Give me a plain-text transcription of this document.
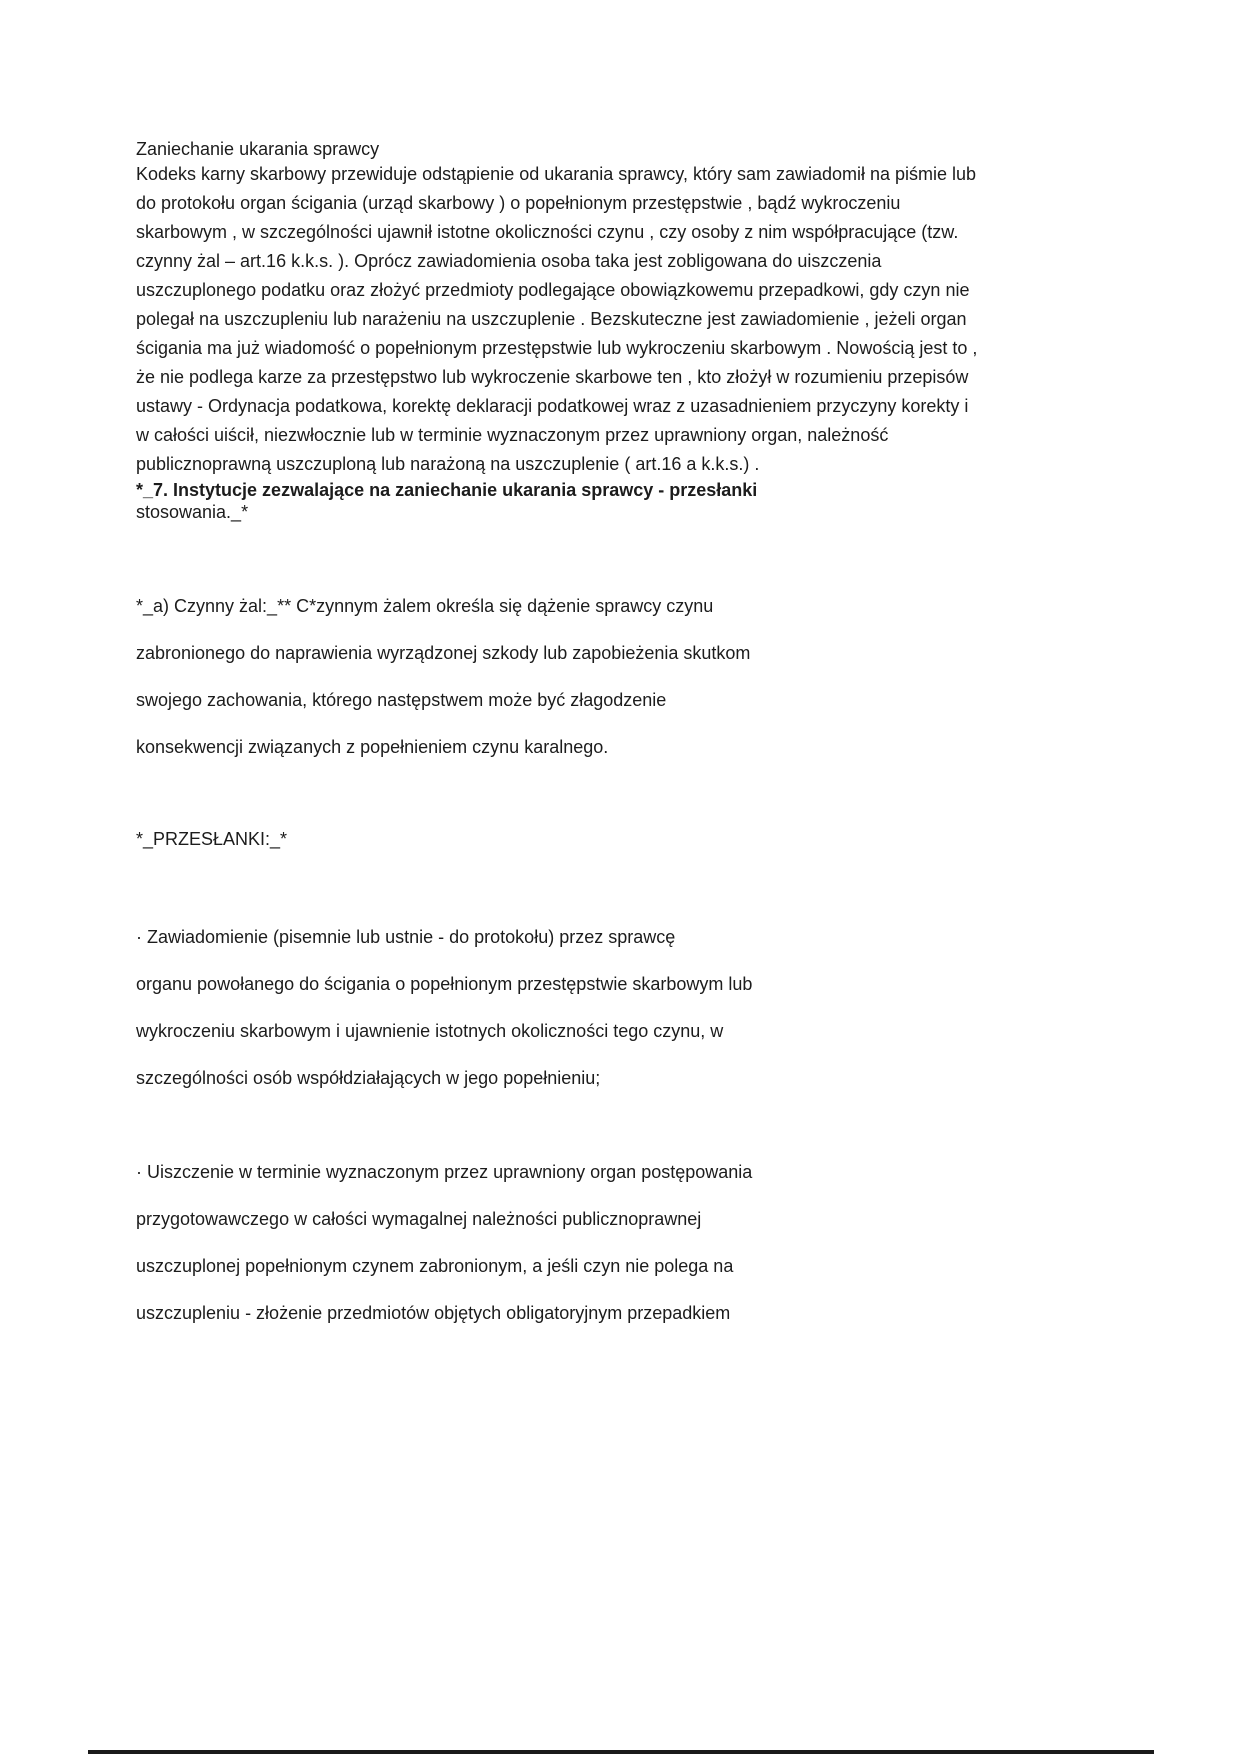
Zaniechanie ukarania sprawcy

Kodeks karny skarbowy przewiduje odstąpienie od ukarania sprawcy, który sam zawiadomił na piśmie lub do protokołu organ ścigania (urząd skarbowy ) o popełnionym przestępstwie , bądź wykroczeniu skarbowym , w szczególności ujawnił istotne okoliczności czynu , czy osoby z nim współpracujące (tzw. czynny żal – art.16 k.k.s. ). Oprócz zawiadomienia osoba taka jest zobligowana do uiszczenia uszczuplonego podatku oraz złożyć przedmioty podlegające obowiązkowemu przepadkowi, gdy czyn nie polegał na uszczupleniu lub narażeniu na uszczuplenie . Bezskuteczne jest zawiadomienie , jeżeli organ ścigania ma już wiadomość o popełnionym przestępstwie lub wykroczeniu skarbowym . Nowością jest to , że nie podlega karze za przestępstwo lub wykroczenie skarbowe ten , kto złożył w rozumieniu przepisów ustawy - Ordynacja podatkowa, korektę deklaracji podatkowej wraz z uzasadnieniem przyczyny korekty i w całości uiścił, niezwłocznie lub w terminie wyznaczonym przez uprawniony organ, należność publicznoprawną uszczuploną lub narażoną na uszczuplenie ( art.16 a k.k.s.) .

*_7. Instytucje zezwalające na zaniechanie ukarania sprawcy - przesłanki

stosowania._*

*_a) Czynny żal:_** C*zynnym żalem określa się dążenie sprawcy czynu

zabronionego do naprawienia wyrządzonej szkody lub zapobieżenia skutkom

swojego zachowania, którego następstwem może być złagodzenie

konsekwencji związanych z popełnieniem czynu karalnego.

*_PRZESŁANKI:_*

· Zawiadomienie (pisemnie lub ustnie - do protokołu) przez sprawcę

organu powołanego do ścigania o popełnionym przestępstwie skarbowym lub

wykroczeniu skarbowym i ujawnienie istotnych okoliczności tego czynu, w

szczególności osób współdziałających w jego popełnieniu;

· Uiszczenie w terminie wyznaczonym przez uprawniony organ postępowania

przygotowawczego w całości wymagalnej należności publicznoprawnej

uszczuplonej popełnionym czynem zabronionym, a jeśli czyn nie polega na

uszczupleniu - złożenie przedmiotów objętych obligatoryjnym przepadkiem
